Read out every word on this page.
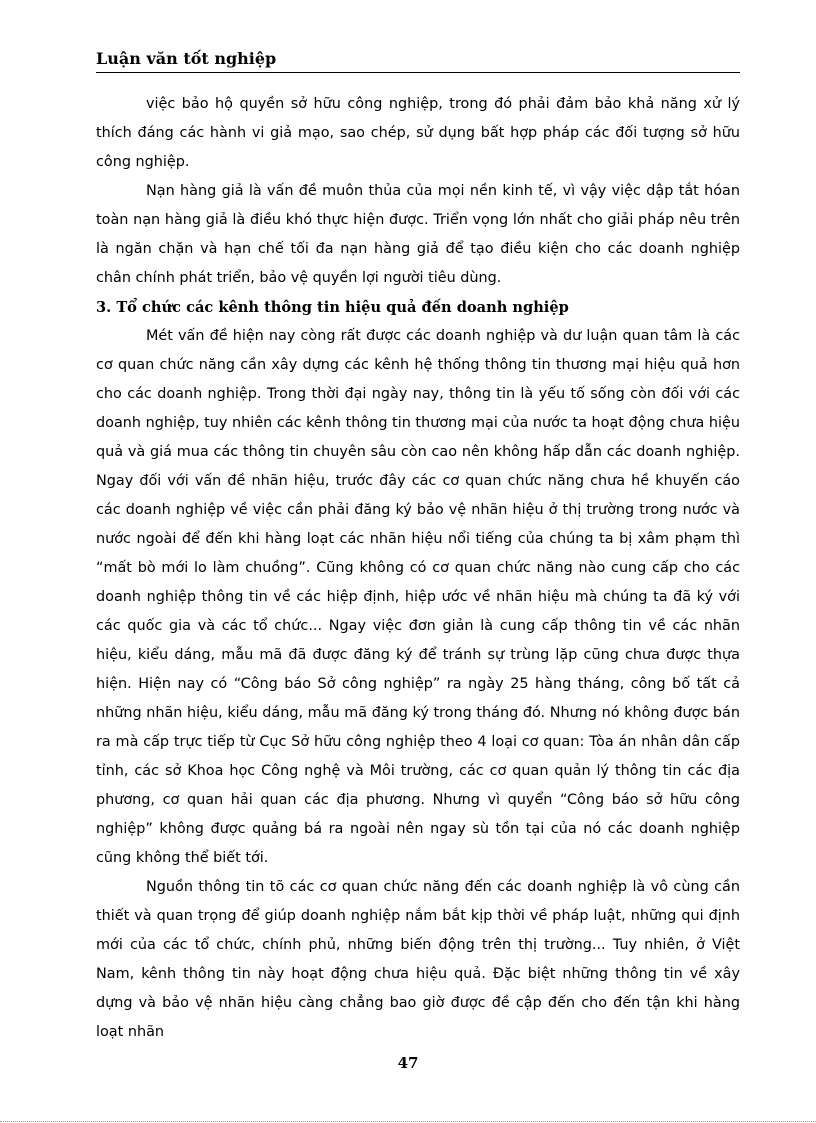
Luận văn tốt nghiệp

việc bảo hộ quyền sở hữu công nghiệp, trong đó phải đảm bảo khả năng xử lý thích đáng các hành vi giả mạo, sao chép, sử dụng bất hợp pháp các đối tượng sở hữu công nghiệp.

Nạn hàng giả là vấn đề muôn thủa của mọi nền kinh tế, vì vậy việc dập tắt hóan toàn nạn hàng giả là điều khó thực hiện được. Triển vọng lớn nhất cho giải pháp nêu trên là ngăn chặn và hạn chế tối đa nạn hàng giả để tạo điều kiện cho các doanh nghiệp chân chính phát triển, bảo vệ quyền lợi người tiêu dùng.

3. Tổ chức các kênh thông tin hiệu quả đến doanh nghiệp

Mét vấn đề hiện nay còng rất được các doanh nghiệp và dư luận quan tâm là các cơ quan chức năng cần xây dựng các kênh hệ thống thông tin thương mại hiệu quả hơn cho các doanh nghiệp. Trong thời đại ngày nay, thông tin là yếu tố sống còn đối với các doanh nghiệp, tuy nhiên các kênh thông tin thương mại của nước ta hoạt động chưa hiệu quả và giá mua các thông tin chuyên sâu còn cao nên không hấp dẫn các doanh nghiệp. Ngay đối với vấn đề nhãn hiệu, trước đây các cơ quan chức năng chưa hề khuyến cáo các doanh nghiệp về việc cần phải đăng ký bảo vệ nhãn hiệu ở thị trường trong nước và nước ngoài để đến khi hàng loạt các nhãn hiệu nổi tiếng của chúng ta bị xâm phạm thì “mất bò mới lo làm chuồng”. Cũng không có cơ quan chức năng nào cung cấp cho các doanh nghiệp thông tin về các hiệp định, hiệp ước về nhãn hiệu mà chúng ta đã ký với các quốc gia và các tổ chức... Ngay việc đơn giản là cung cấp thông tin về các nhãn hiệu, kiểu dáng, mẫu mã đã được đăng ký để tránh sự trùng lặp cũng chưa được thựa hiện. Hiện nay có “Công báo Sở công nghiệp” ra ngày 25 hàng tháng, công bố tất cả những nhãn hiệu, kiểu dáng, mẫu mã đăng ký trong tháng đó. Nhưng nó không được bán ra mà cấp trực tiếp từ Cục Sở hữu công nghiệp theo 4 loại cơ quan: Tòa án nhân dân cấp tỉnh, các sở Khoa học Công nghệ và Môi trường, các cơ quan quản lý thông tin các địa phương, cơ quan hải quan các địa phương. Nhưng vì quyển “Công báo sở hữu công nghiệp” không được quảng bá ra ngoài nên ngay sù tồn tại của nó các doanh nghiệp cũng không thể biết tới.

Nguồn thông tin tõ các cơ quan chức năng đến các doanh nghiệp là vô cùng cần thiết và quan trọng để giúp doanh nghiệp nắm bắt kịp thời về pháp luật, những qui định mới của các tổ chức, chính phủ, những biến động trên thị trường... Tuy nhiên, ở Việt Nam, kênh thông tin này hoạt động chưa hiệu quả. Đặc biệt những thông tin về xây dựng và bảo vệ nhãn hiệu càng chẳng bao giờ được đề cập đến cho đến tận khi hàng loạt nhãn

47
